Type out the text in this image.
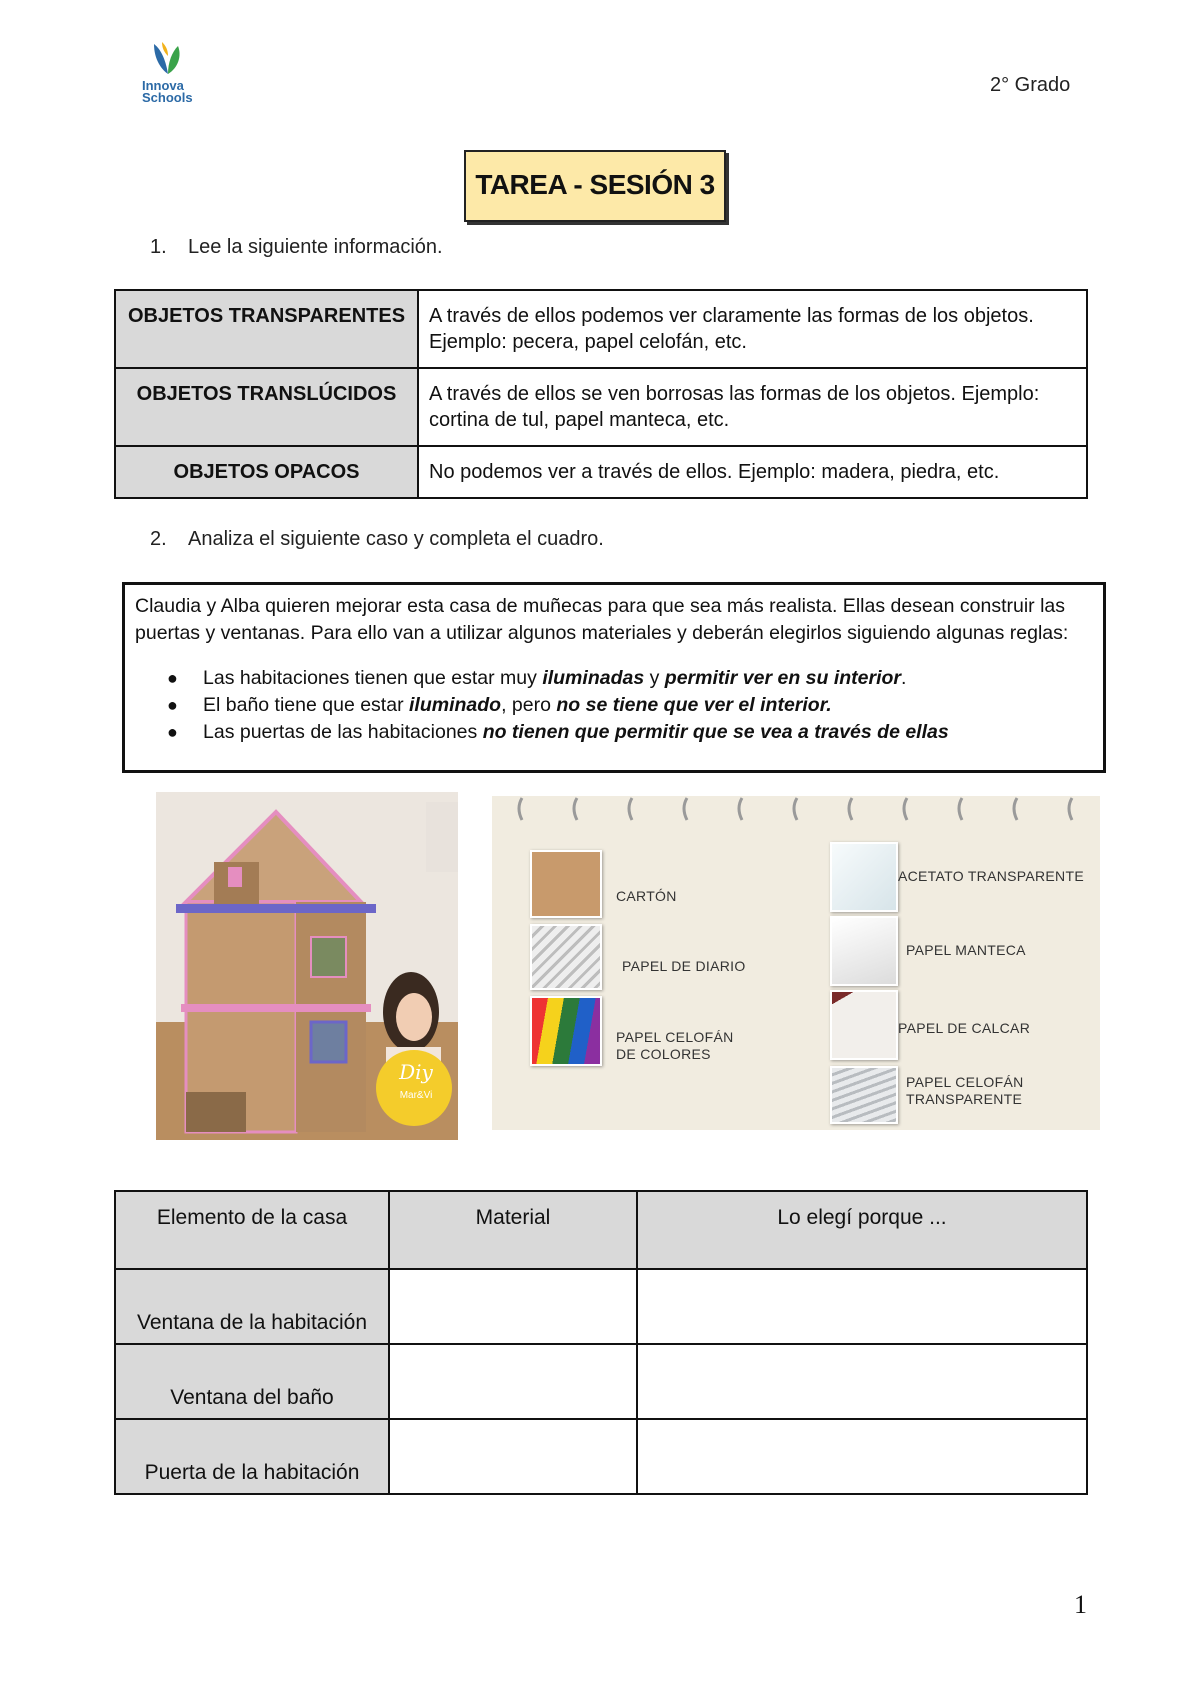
Innova
Schools
2° Grado
TAREA - SESIÓN 3
1. Lee la siguiente información.
OBJETOS TRANSPARENTES	A través de ellos podemos ver claramente las formas de los objetos. Ejemplo: pecera, papel celofán, etc.
OBJETOS TRANSLÚCIDOS	A través de ellos se ven borrosas las formas de los objetos. Ejemplo: cortina de tul, papel manteca, etc.
OBJETOS OPACOS	No podemos ver a través de ellos. Ejemplo: madera, piedra, etc.
2. Analiza el siguiente caso y completa el cuadro.
Claudia y Alba quieren mejorar esta casa de muñecas para que sea más realista. Ellas desean construir las puertas y ventanas. Para ello van a utilizar algunos materiales y deberán elegirlos siguiendo algunas reglas:
● Las habitaciones tienen que estar muy iluminadas y permitir ver en su interior.
● El baño tiene que estar iluminado, pero no se tiene que ver el interior.
● Las puertas de las habitaciones no tienen que permitir que se vea a través de ellas
Diy
Mar&Vi
CARTÓN
PAPEL DE DIARIO
PAPEL CELOFÁN
DE COLORES
ACETATO TRANSPARENTE
PAPEL MANTECA
PAPEL DE CALCAR
PAPEL CELOFÁN
TRANSPARENTE
Elemento de la casa	Material	Lo elegí porque ...
Ventana de la habitación		
Ventana del baño		
Puerta de la habitación		
1
